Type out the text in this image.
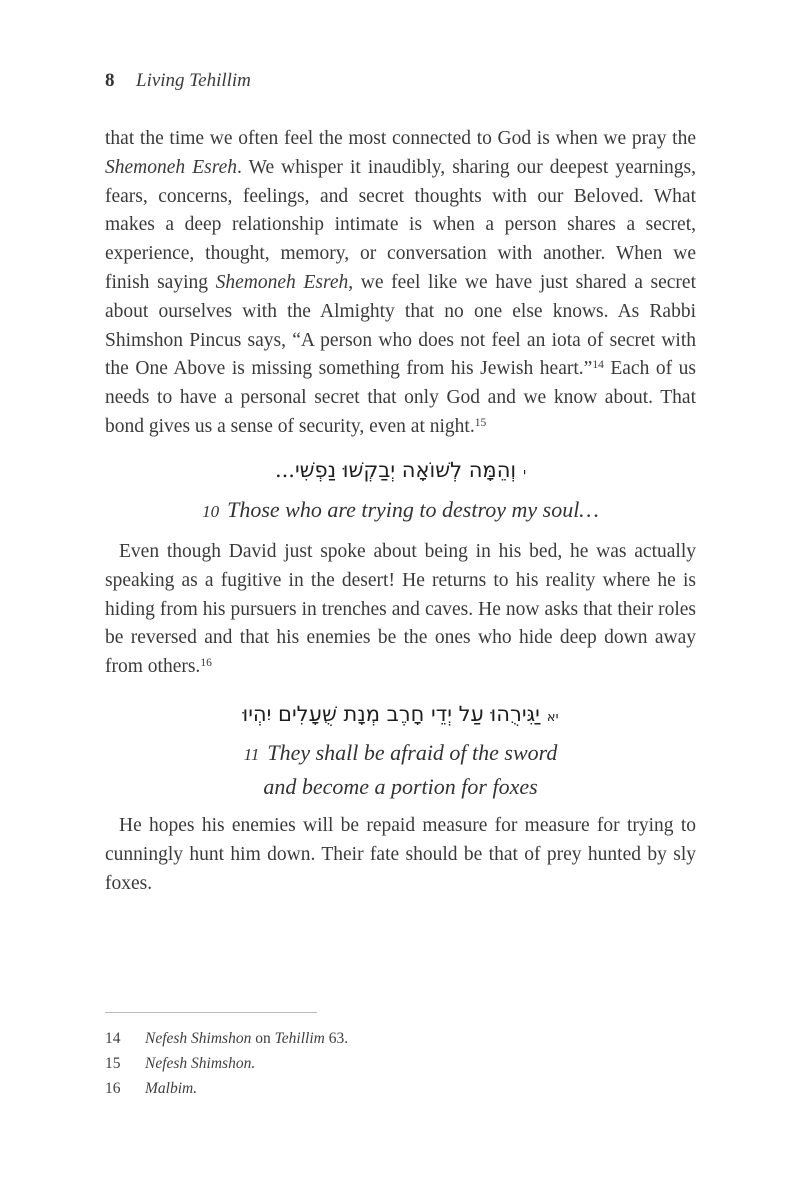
8 Living Tehillim

that the time we often feel the most connected to God is when we pray the Shemoneh Esreh. We whisper it inaudibly, sharing our deepest yearnings, fears, concerns, feelings, and secret thoughts with our Beloved. What makes a deep relationship intimate is when a person shares a secret, experience, thought, memory, or conversation with another. When we finish saying Shemoneh Esreh, we feel like we have just shared a secret about ourselves with the Almighty that no one else knows. As Rabbi Shimshon Pincus says, “A person who does not feel an iota of secret with the One Above is missing something from his Jewish heart.”$^{14}$ Each of us needs to have a personal secret that only God and we know about. That bond gives us a sense of security, even at night.$^{15}$

יוְהֵמָּה לְשׁוֹאָה יְבַקְשׁוּ נַפְשִׁי...
10 Those who are trying to destroy my soul…

Even though David just spoke about being in his bed, he was actually speaking as a fugitive in the desert! He returns to his reality where he is hiding from his pursuers in trenches and caves. He now asks that their roles be reversed and that his enemies be the ones who hide deep down away from others.$^{16}$

יאיַגִּירֻהוּ עַל יְדֵי חָרֶב מְנָת שֻׁעָלִים יִהְיוּ
11 They shall be afraid of the sword
and become a portion for foxes

He hopes his enemies will be repaid measure for measure for trying to cunningly hunt him down. Their fate should be that of prey hunted by sly foxes.

14	Nefesh Shimshon on Tehillim 63.
15	Nefesh Shimshon.
16	Malbim.
